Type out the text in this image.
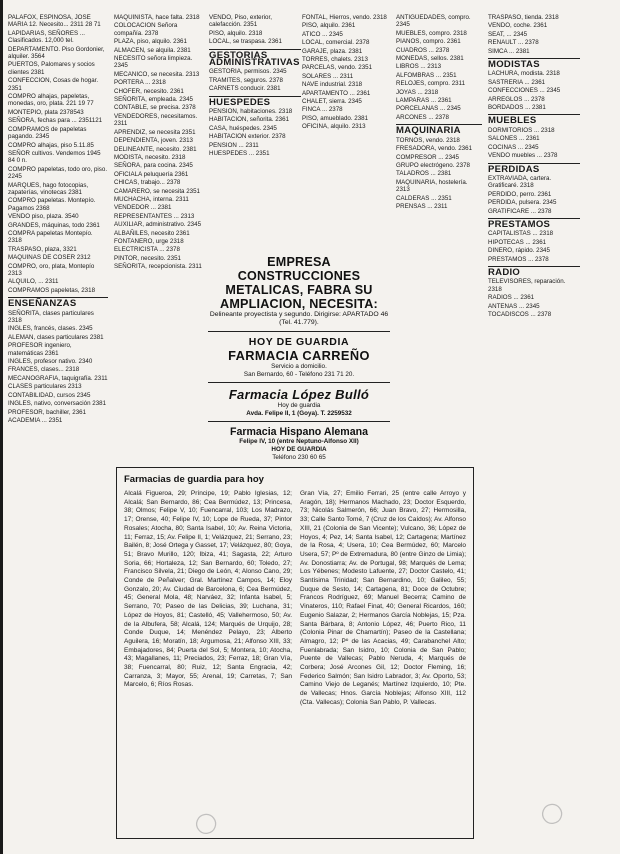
PALAFOX, ESPINOSA, JOSE MARIA 12. Necesito... 2311 28 71

LAPIDARIAS, SEÑORES ... Clasificados. 12,000 tel.

DEPARTAMENTO. Piso Gordonier, alquiler. 3564

PUERTOS, Palomares y socios clientes 2381

CONFECCION, Cosas de hogar. 2351

COMPRO alhajas, papeletas, monedas, oro, plata. 221 19 77

MONTEPIO, plata 2378543

SEÑORA, fechas para ... 2351121

COMPRAMOS de papeletas pagando. 2345

COMPRO alhajas, piso 5.11.85

SEÑOR cultivos. Vendemos 1945 84 0 n.

COMPRO papeletas, todo oro, piso. 2245

MARQUES, hago fotocopias, zapaterías, vinotecas 2381

COMPRO papeletas. Montepío. Pagamos 2368

VENDO piso, plaza. 3540

GRANDES, máquinas, todo 2361

COMPRA papeletas Montepío. 2318

TRASPASO, plaza, 3321

MAQUINAS DE COSER 2312

COMPRO, oro, plata, Montepío 2313

ALQUILO, ... 2311

COMPRAMOS papeletas, 2318

ENSEÑANZAS

SEÑORITA, clases particulares 2318

INGLES, francés, clases. 2345

ALEMAN, clases particulares 2381

PROFESOR ingeniero, matemáticas 2361

INGLES, profesor nativo. 2340

FRANCES, clases... 2318

MECANOGRAFIA, taquigrafía. 2311

CLASES particulares 2313

CONTABILIDAD, cursos 2345

INGLES, nativo, conversación 2381

PROFESOR, bachiller, 2361

ACADEMIA ... 2351

MAQUINISTA, hace falta. 2318

COLOCACION Señora compañía. 2378

PLAZA, piso, alquilo. 2361

ALMACEN, se alquila. 2381

NECESITO señora limpieza. 2345

MECANICO, se necesita. 2313

PORTERA ... 2318

CHOFER, necesito. 2361

SEÑORITA, empleada. 2345

CONTABLE, se precisa. 2378

VENDEDORES, necesitamos. 2311

APRENDIZ, se necesita 2351

DEPENDIENTA, joven. 2313

DELINEANTE, necesito. 2381

MODISTA, necesito. 2318

SEÑORA, para cocina. 2345

OFICIALA peluquería 2361

CHICAS, trabajo... 2378

CAMARERO, se necesita 2351

MUCHACHA, interna. 2311

VENDEDOR ... 2381

REPRESENTANTES ... 2313

AUXILIAR, administrativo. 2345

ALBAÑILES, necesito 2361

FONTANERO, urge 2318

ELECTRICISTA ... 2378

PINTOR, necesito. 2351

SEÑORITA, recepcionista. 2311

VENDO, Piso, exterior, calefacción. 2351

PISO, alquilo. 2318

LOCAL, se traspasa. 2361

GESTORIAS ADMINISTRATIVAS

GESTORIA, permisos. 2345

TRAMITES, seguros. 2378

CARNETS conducir. 2381

HUESPEDES

PENSION, habitaciones. 2318

HABITACION, señorita. 2361

CASA, huéspedes. 2345

HABITACION exterior. 2378

PENSION ... 2311

HUESPEDES ... 2351

FONTAL, Hierros, vendo. 2318

PISO, alquilo. 2361

ATICO ... 2345

LOCAL, comercial. 2378

GARAJE, plaza. 2381

TORRES, chalets. 2313

PARCELAS, vendo. 2351

SOLARES ... 2311

NAVE industrial. 2318

APARTAMENTO ... 2361

CHALET, sierra. 2345

FINCA ... 2378

PISO, amueblado. 2381

OFICINA, alquilo. 2313

ANTIGÜEDADES, compro. 2345

MUEBLES, compro. 2318

PIANOS, compro. 2361

CUADROS ... 2378

MONEDAS, sellos. 2381

LIBROS ... 2313

ALFOMBRAS ... 2351

RELOJES, compro. 2311

JOYAS ... 2318

LAMPARAS ... 2361

PORCELANAS ... 2345

ARCONES ... 2378

MAQUINARIA

TORNOS, vendo. 2318

FRESADORA, vendo. 2361

COMPRESOR ... 2345

GRUPO electrógeno. 2378

TALADROS ... 2381

MAQUINARIA, hostelería. 2313

CALDERAS ... 2351

PRENSAS ... 2311

TRASPASO, tienda. 2318

VENDO, coche. 2361

SEAT, ... 2345

RENAULT ... 2378

SIMCA ... 2381

MODISTAS

LACHURA, modista. 2318

SASTRERIA ... 2361

CONFECCIONES ... 2345

ARREGLOS ... 2378

BORDADOS ... 2381

MUEBLES

DORMITORIOS ... 2318

SALONES ... 2361

COCINAS ... 2345

VENDO muebles ... 2378

PERDIDAS

EXTRAVIADA, cartera. Gratificaré. 2318

PERDIDO, perro. 2361

PERDIDA, pulsera. 2345

GRATIFICARE ... 2378

PRESTAMOS

CAPITALISTAS ... 2318

HIPOTECAS ... 2361

DINERO, rápido. 2345

PRESTAMOS ... 2378

RADIO

TELEVISORES, reparación. 2318

RADIOS ... 2361

ANTENAS ... 2345

TOCADISCOS ... 2378

EMPRESA CONSTRUCCIONES
METALICAS, FABRA SU
AMPLIACION, NECESITA:
Delineante proyectista y segundo. Dirigirse: APARTADO 46 (Tel. 41.779).
HOY DE GUARDIA
FARMACIA CARREÑO
Servicio a domicilio.
San Bernardo, 60 - Teléfono 231 71 20.
Farmacia López Bulló
Hoy de guardia
Avda. Felipe II, 1 (Goya). T. 2259532
Farmacia Hispano Alemana
Felipe IV, 10 (entre Neptuno-Alfonso XII)
HOY DE GUARDIA
Teléfono 230 60 65
Farmacias de guardia para hoy
Alcalá Figueroa, 29; Príncipe, 19; Pablo Iglesias, 12; Alcalá; San Bernardo, 86; Cea Bermúdez, 13; Princesa, 38; Olmos; Felipe V, 10; Fuencarral, 103; Los Madrazo, 17; Orense, 40; Felipe IV, 10; Lope de Rueda, 37; Pintor Rosales; Atocha, 80; Santa Isabel, 10; Av. Reina Victoria, 11; Ferraz, 15; Av. Felipe II, 1; Velázquez, 21; Serrano, 23; Bailén, 8; José Ortega y Gasset, 17; Velázquez, 80; Goya, 51; Bravo Murillo, 120; Ibiza, 41; Sagasta, 22; Arturo Soria, 66; Hortaleza, 12; San Bernardo, 60; Toledo, 27; Francisco Silvela, 21; Diego de León, 4; Alonso Cano, 29; Conde de Peñalver; Gral. Martínez Campos, 14; Eloy Gonzalo, 20; Av. Ciudad de Barcelona, 6; Cea Bermúdez, 45; General Mola, 48; Narváez, 32; Infanta Isabel, 5; Serrano, 70; Paseo de las Delicias, 39; Luchana, 31; López de Hoyos, 81; Castelló, 45; Vallehermoso, 50; Av. de la Albufera, 58; Alcalá, 124; Marqués de Urquijo, 28; Conde Duque, 14; Menéndez Pelayo, 23; Alberto Aguilera, 16; Moratín, 18; Argumosa, 21; Alfonso XIII, 33; Embajadores, 84; Puerta del Sol, 5; Montera, 10; Atocha, 43; Magallanes, 11; Preciados, 23; Ferraz, 18; Gran Vía, 38; Fuencarral, 80; Ruiz, 12; Santa Engracia, 42; Carranza, 3; Mayor, 55; Arenal, 19; Carretas, 7; San Marcelo, 6; Ríos Rosas.
Gran Vía, 27; Emilio Ferrari, 25 (entre calle Arroyo y Aragón, 18); Hermanos Machado, 23; Doctor Esquerdo, 73; Nicolás Salmerón, 66; Juan Bravo, 27; Hermosilla, 33; Calle Santo Tomé, 7 (Cruz de los Caídos); Av. Alfonso XIII, 21 (Colonia de San Vicente); Vulcano, 36; López de Hoyos, 4; Pez, 14; Santa Isabel, 12; Cartagena; Martínez de la Rosa, 4; Usera, 10; Cea Bermúdez, 60; Marcelo Usera, 57; Pº de Extremadura, 80 (entre Ginzo de Limia); Av. Donostiarra; Av. de Portugal, 98; Marqués de Lema; Los Yébenes; Modesto Lafuente, 27; Doctor Castelo, 41; Santísima Trinidad; San Bernardino, 10; Galileo, 55; Duque de Sesto, 14; Cartagena, 81; Doce de Octubre; Francos Rodríguez, 69; Manuel Becerra; Camino de Vinateros, 110; Rafael Finat, 40; General Ricardos, 160; Eugenio Salazar, 2; Hermanos García Noblejas, 15; Pza. Santa Bárbara, 8; Antonio López, 46; Puerto Rico, 11 (Colonia Pinar de Chamartín); Paseo de la Castellana; Almagro, 12; Pº de las Acacias, 49; Carabanchel Alto; Fuenlabrada; San Isidro, 10; Colonia de San Pablo; Puente de Vallecas; Pablo Neruda, 4; Marqués de Corbera; José Arcones Gil, 12; Doctor Fleming, 16; Federico Salmón; San Isidro Labrador, 3; Av. Oporto, 53; Camino Viejo de Leganés; Martínez Izquierdo, 10; Pte. de Vallecas; Hnos. García Noblejas; Alfonso XIII, 112 (Cta. Vallecas); Colonia San Pablo, P. Vallecas.
◯	◯
